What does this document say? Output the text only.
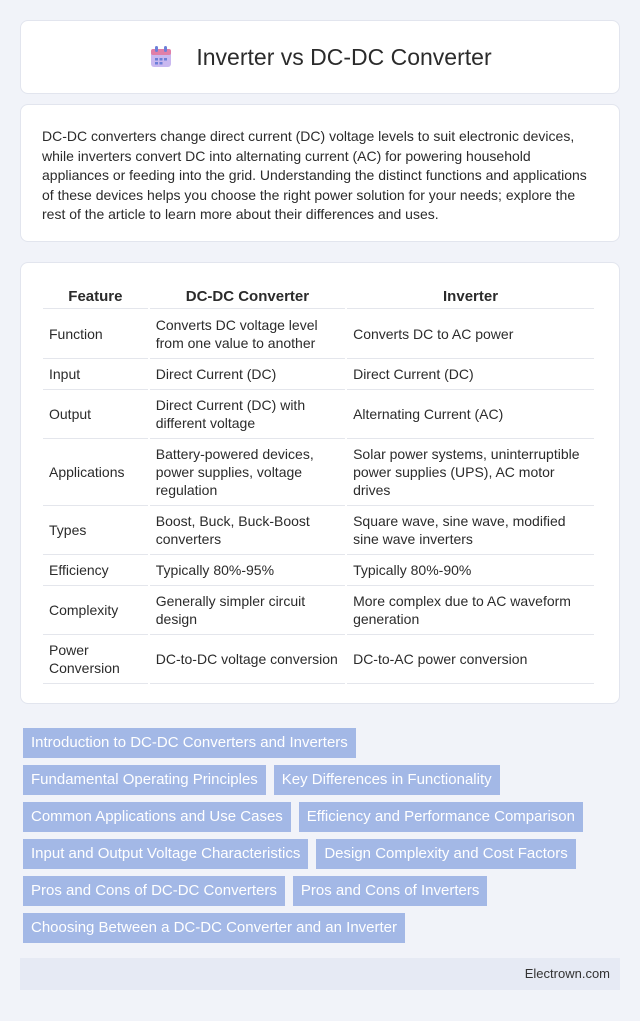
Inverter vs DC-DC Converter

DC-DC converters change direct current (DC) voltage levels to suit electronic devices, while inverters convert DC into alternating current (AC) for powering household appliances or feeding into the grid. Understanding the distinct functions and applications of these devices helps you choose the right power solution for your needs; explore the rest of the article to learn more about their differences and uses.

Feature	DC-DC Converter	Inverter
Function	Converts DC voltage level from one value to another	Converts DC to AC power
Input	Direct Current (DC)	Direct Current (DC)
Output	Direct Current (DC) with different voltage	Alternating Current (AC)
Applications	Battery-powered devices, power supplies, voltage regulation	Solar power systems, uninterruptible power supplies (UPS), AC motor drives
Types	Boost, Buck, Buck-Boost converters	Square wave, sine wave, modified sine wave inverters
Efficiency	Typically 80%-95%	Typically 80%-90%
Complexity	Generally simpler circuit design	More complex due to AC waveform generation
Power Conversion	DC-to-DC voltage conversion	DC-to-AC power conversion
Introduction to DC-DC Converters and Inverters
Fundamental Operating Principles	Key Differences in Functionality
Common Applications and Use Cases	Efficiency and Performance Comparison
Input and Output Voltage Characteristics	Design Complexity and Cost Factors
Pros and Cons of DC-DC Converters	Pros and Cons of Inverters
Choosing Between a DC-DC Converter and an Inverter
Electrown.com
